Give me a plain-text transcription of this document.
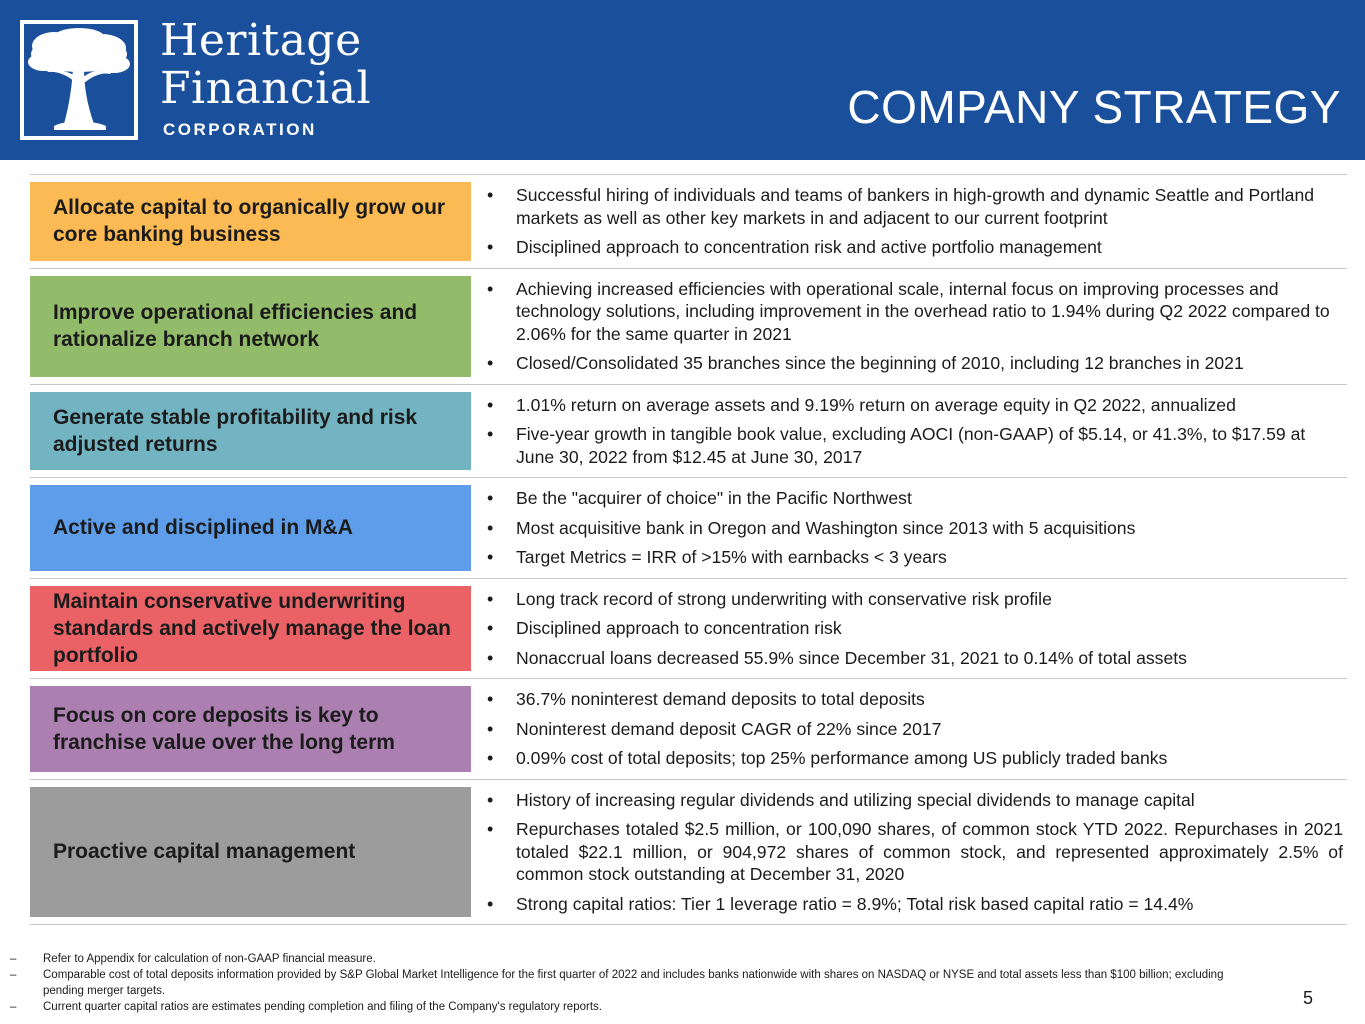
Heritage
Financial
CORPORATION	COMPANY STRATEGY
Allocate capital to organically grow our core banking business
• Successful hiring of individuals and teams of bankers in high-growth and dynamic Seattle and Portland markets as well as other key markets in and adjacent to our current footprint
• Disciplined approach to concentration risk and active portfolio management
Improve operational efficiencies and rationalize branch network
• Achieving increased efficiencies with operational scale, internal focus on improving processes and technology solutions, including improvement in the overhead ratio to 1.94% during Q2 2022 compared to 2.06% for the same quarter in 2021
• Closed/Consolidated 35 branches since the beginning of 2010, including 12 branches in 2021
Generate stable profitability and risk adjusted returns
• 1.01% return on average assets and 9.19% return on average equity in Q2 2022, annualized
• Five-year growth in tangible book value, excluding AOCI (non-GAAP) of $5.14, or 41.3%, to $17.59 at June 30, 2022 from $12.45 at June 30, 2017
Active and disciplined in M&A
• Be the "acquirer of choice" in the Pacific Northwest
• Most acquisitive bank in Oregon and Washington since 2013 with 5 acquisitions
• Target Metrics = IRR of >15% with earnbacks < 3 years
Maintain conservative underwriting standards and actively manage the loan portfolio
• Long track record of strong underwriting with conservative risk profile
• Disciplined approach to concentration risk
• Nonaccrual loans decreased 55.9% since December 31, 2021 to 0.14% of total assets
Focus on core deposits is key to franchise value over the long term
• 36.7% noninterest demand deposits to total deposits
• Noninterest demand deposit CAGR of 22% since 2017
• 0.09% cost of total deposits; top 25% performance among US publicly traded banks
Proactive capital management
• History of increasing regular dividends and utilizing special dividends to manage capital
• Repurchases totaled $2.5 million, or 100,090 shares, of common stock YTD 2022. Repurchases in 2021 totaled $22.1 million, or 904,972 shares of common stock, and represented approximately 2.5% of common stock outstanding at December 31, 2020
• Strong capital ratios: Tier 1 leverage ratio = 8.9%; Total risk based capital ratio = 14.4%
– Refer to Appendix for calculation of non-GAAP financial measure.
– Comparable cost of total deposits information provided by S&P Global Market Intelligence for the first quarter of 2022 and includes banks nationwide with shares on NASDAQ or NYSE and total assets less than $100 billion; excluding pending merger targets.
– Current quarter capital ratios are estimates pending completion and filing of the Company's regulatory reports.	5
